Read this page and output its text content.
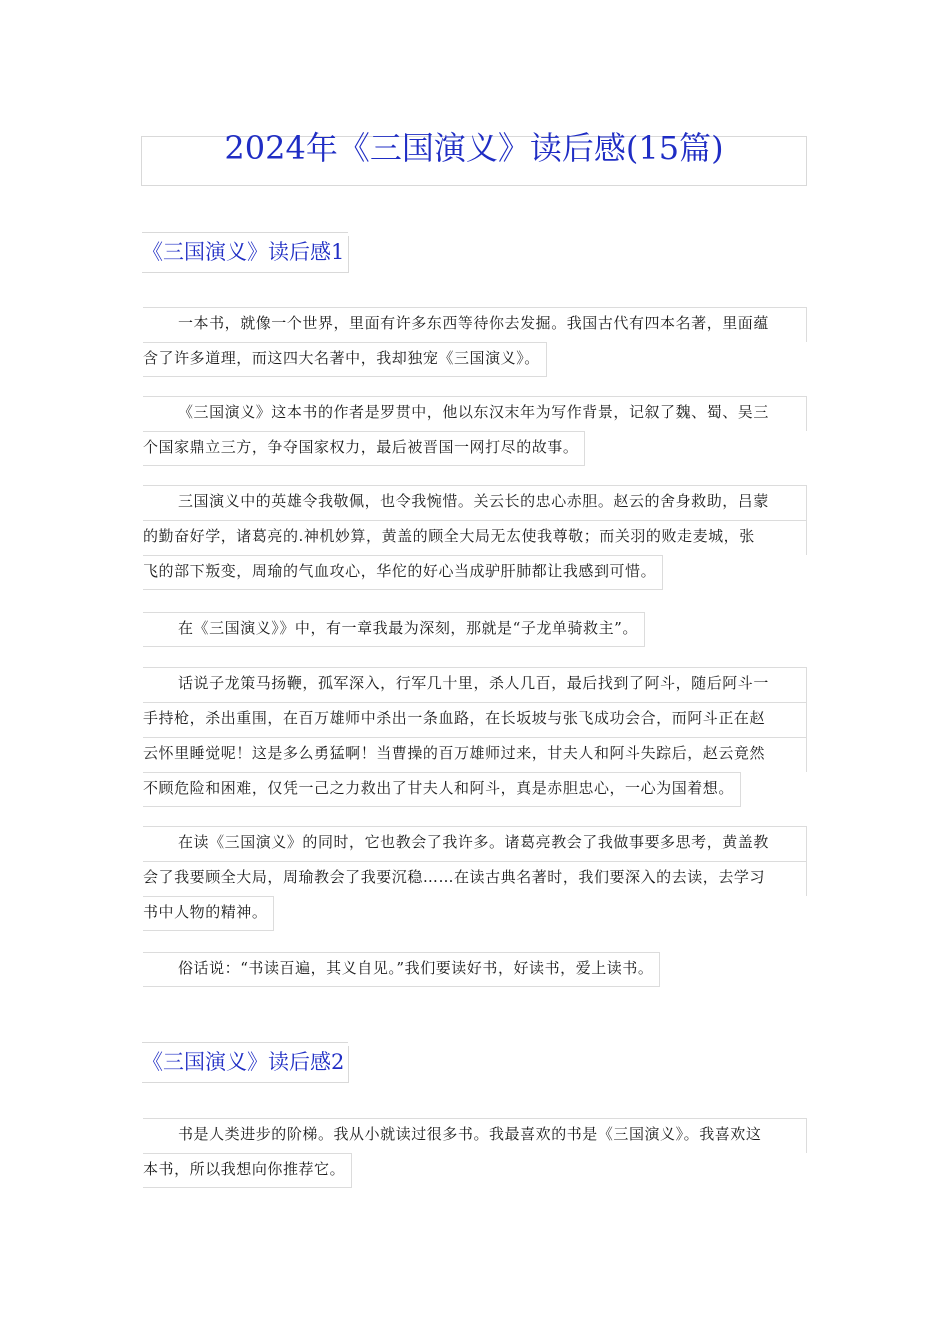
2024年《三国演义》读后感(15篇)
《三国演义》读后感1
一本书，就像一个世界，里面有许多东西等待你去发掘。我国古代有四本名著，里面蕴
含了许多道理，而这四大名著中，我却独宠《三国演义》。
《三国演义》这本书的作者是罗贯中，他以东汉末年为写作背景，记叙了魏、蜀、吴三
个国家鼎立三方，争夺国家权力，最后被晋国一网打尽的故事。
三国演义中的英雄令我敬佩，也令我惋惜。关云长的忠心赤胆。赵云的舍身救助，吕蒙
的勤奋好学，诸葛亮的.神机妙算，黄盖的顾全大局无厷使我尊敬；而关羽的败走麦城，张
飞的部下叛变，周瑜的气血攻心，华佗的好心当成驴肝肺都让我感到可惜。
在《三国演义》》中，有一章我最为深刻，那就是“子龙单骑救主”。
话说子龙策马扬鞭，孤军深入，行军几十里，杀人几百，最后找到了阿斗，随后阿斗一
手持枪，杀出重围，在百万雄师中杀出一条血路，在长坂坡与张飞成功会合，而阿斗正在赵
云怀里睡觉呢！这是多么勇猛啊！当曹操的百万雄师过来，甘夫人和阿斗失踪后，赵云竟然
不顾危险和困难，仅凭一己之力救出了甘夫人和阿斗，真是赤胆忠心，一心为国着想。
在读《三国演义》的同时，它也教会了我许多。诸葛亮教会了我做事要多思考，黄盖教
会了我要顾全大局，周瑜教会了我要沉稳……在读古典名著时，我们要深入的去读，去学习
书中人物的精神。
俗话说：“书读百遍，其义自见。”我们要读好书，好读书，爱上读书。
《三国演义》读后感2
书是人类进步的阶梯。我从小就读过很多书。我最喜欢的书是《三国演义》。我喜欢这
本书，所以我想向你推荐它。
